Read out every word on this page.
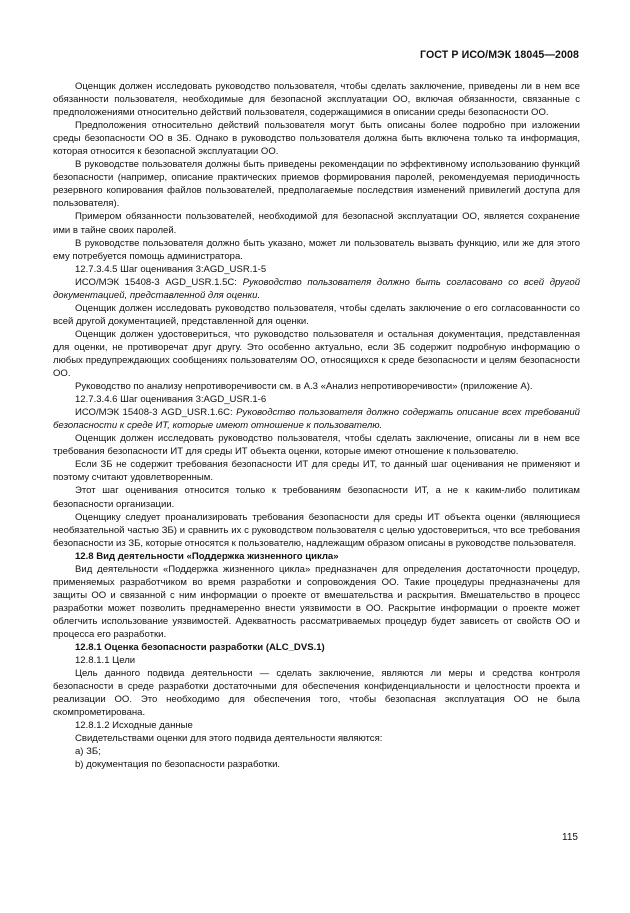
ГОСТ Р ИСО/МЭК 18045—2008

Оценщик должен исследовать руководство пользователя, чтобы сделать заключение, приведены ли в нем все обязанности пользователя, необходимые для безопасной эксплуатации ОО, включая обязанности, связанные с предположениями относительно действий пользователя, содержащимися в описании среды безопасности ОО.

Предположения относительно действий пользователя могут быть описаны более подробно при изложении среды безопасности ОО в ЗБ. Однако в руководство пользователя должна быть включена только та информация, которая относится к безопасной эксплуатации ОО.

В руководстве пользователя должны быть приведены рекомендации по эффективному использованию функций безопасности (например, описание практических приемов формирования паролей, рекомендуемая периодичность резервного копирования файлов пользователей, предполагаемые последствия изменений привилегий доступа для пользователя).

Примером обязанности пользователей, необходимой для безопасной эксплуатации ОО, является сохранение ими в тайне своих паролей.

В руководстве пользователя должно быть указано, может ли пользователь вызвать функцию, или же для этого ему потребуется помощь администратора.

12.7.3.4.5 Шаг оценивания 3:AGD_USR.1-5

ИСО/МЭК 15408-3 AGD_USR.1.5C: Руководство пользователя должно быть согласовано со всей другой документацией, представленной для оценки.

Оценщик должен исследовать руководство пользователя, чтобы сделать заключение о его согласованности со всей другой документацией, представленной для оценки.

Оценщик должен удостовериться, что руководство пользователя и остальная документация, представленная для оценки, не противоречат друг другу. Это особенно актуально, если ЗБ содержит подробную информацию о любых предупреждающих сообщениях пользователям ОО, относящихся к среде безопасности и целям безопасности ОО.

Руководство по анализу непротиворечивости см. в А.3 «Анализ непротиворечивости» (приложение А).

12.7.3.4.6 Шаг оценивания 3:AGD_USR.1-6

ИСО/МЭК 15408-3 AGD_USR.1.6C: Руководство пользователя должно содержать описание всех требований безопасности к среде ИТ, которые имеют отношение к пользователю.

Оценщик должен исследовать руководство пользователя, чтобы сделать заключение, описаны ли в нем все требования безопасности ИТ для среды ИТ объекта оценки, которые имеют отношение к пользователю.

Если ЗБ не содержит требования безопасности ИТ для среды ИТ, то данный шаг оценивания не применяют и поэтому считают удовлетворенным.

Этот шаг оценивания относится только к требованиям безопасности ИТ, а не к каким-либо политикам безопасности организации.

Оценщику следует проанализировать требования безопасности для среды ИТ объекта оценки (являющиеся необязательной частью ЗБ) и сравнить их с руководством пользователя с целью удостовериться, что все требования безопасности из ЗБ, которые относятся к пользователю, надлежащим образом описаны в руководстве пользователя.

12.8 Вид деятельности «Поддержка жизненного цикла»

Вид деятельности «Поддержка жизненного цикла» предназначен для определения достаточности процедур, применяемых разработчиком во время разработки и сопровождения ОО. Такие процедуры предназначены для защиты ОО и связанной с ним информации о проекте от вмешательства и раскрытия. Вмешательство в процесс разработки может позволить преднамеренно внести уязвимости в ОО. Раскрытие информации о проекте может облегчить использование уязвимостей. Адекватность рассматриваемых процедур будет зависеть от свойств ОО и процесса его разработки.

12.8.1 Оценка безопасности разработки (ALC_DVS.1)

12.8.1.1 Цели

Цель данного подвида деятельности — сделать заключение, являются ли меры и средства контроля безопасности в среде разработки достаточными для обеспечения конфиденциальности и целостности проекта и реализации ОО. Это необходимо для обеспечения того, чтобы безопасная эксплуатация ОО не была скомпрометирована.

12.8.1.2 Исходные данные

Свидетельствами оценки для этого подвида деятельности являются:

а) ЗБ;

b) документация по безопасности разработки.

115
